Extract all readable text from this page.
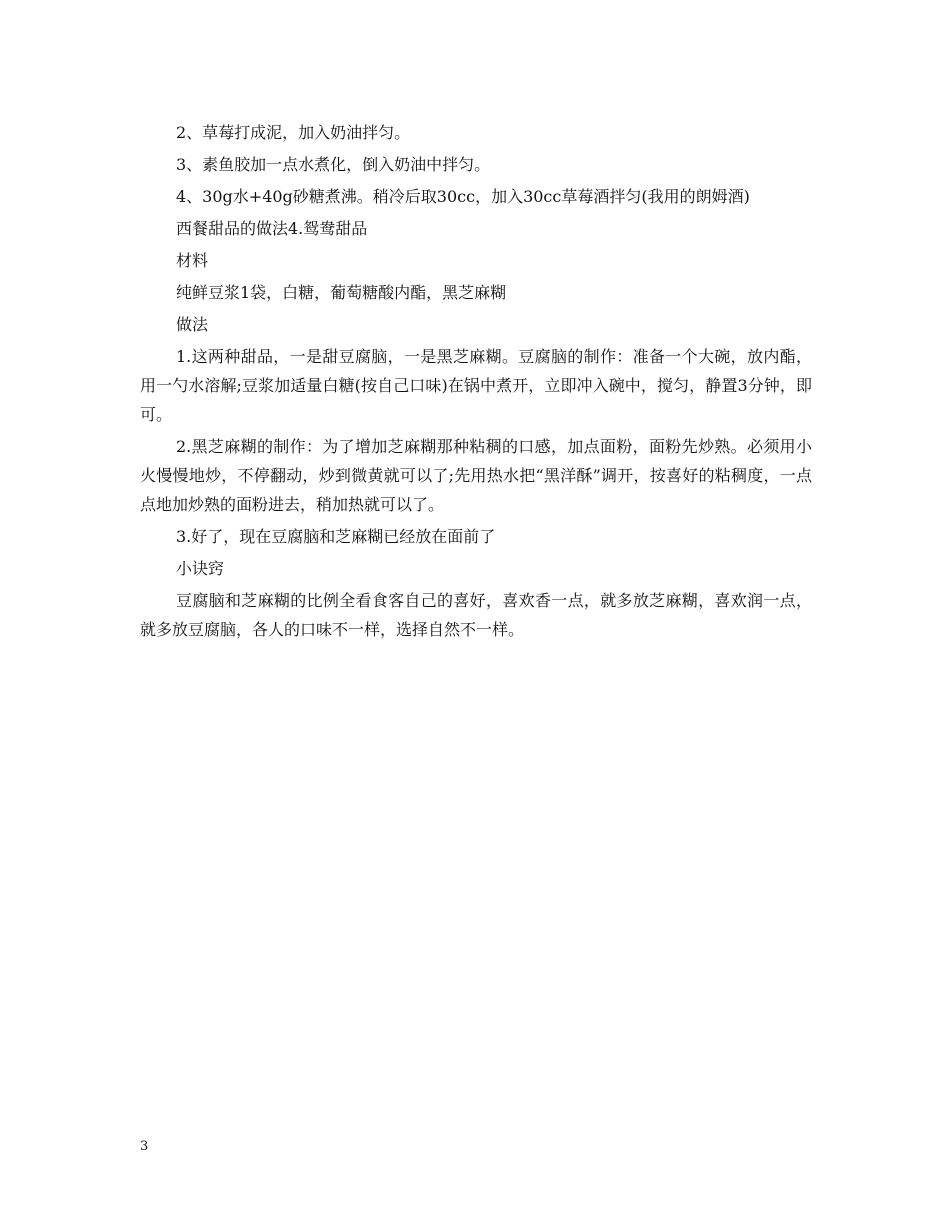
2、草莓打成泥，加入奶油拌匀。

3、素鱼胶加一点水煮化，倒入奶油中拌匀。

4、30g水+40g砂糖煮沸。稍冷后取30cc，加入30cc草莓酒拌匀(我用的朗姆酒)

西餐甜品的做法4.鸳鸯甜品

材料

纯鲜豆浆1袋，白糖，葡萄糖酸内酯，黑芝麻糊

做法

1.这两种甜品，一是甜豆腐脑，一是黑芝麻糊。豆腐脑的制作：准备一个大碗，放内酯，用一勺水溶解;豆浆加适量白糖(按自己口味)在锅中煮开，立即冲入碗中，搅匀，静置3分钟，即可。

2.黑芝麻糊的制作：为了增加芝麻糊那种粘稠的口感，加点面粉，面粉先炒熟。必须用小火慢慢地炒，不停翻动，炒到微黄就可以了;先用热水把“黑洋酥”调开，按喜好的粘稠度，一点点地加炒熟的面粉进去，稍加热就可以了。

3.好了，现在豆腐脑和芝麻糊已经放在面前了

小诀窍

豆腐脑和芝麻糊的比例全看食客自己的喜好，喜欢香一点，就多放芝麻糊，喜欢润一点，就多放豆腐脑，各人的口味不一样，选择自然不一样。

3
